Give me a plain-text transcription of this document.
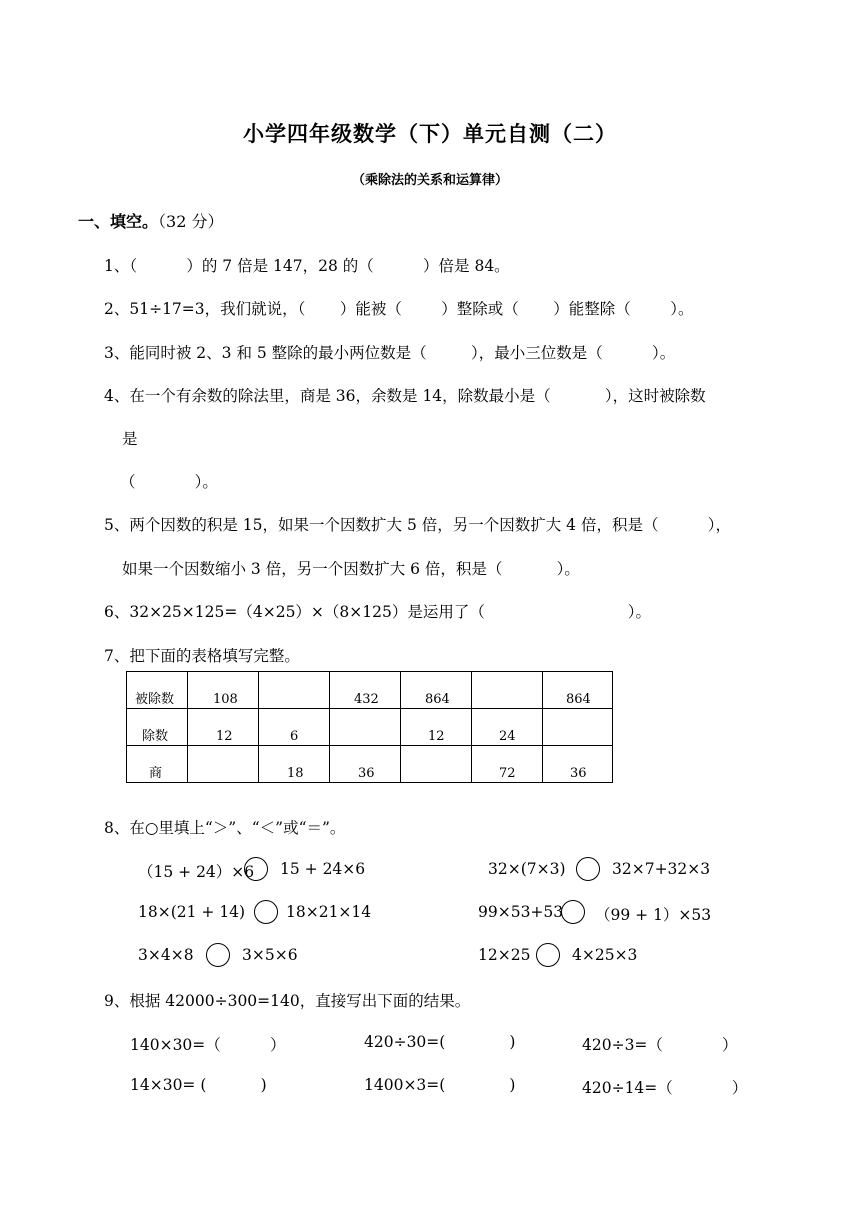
小学四年级数学（下）单元自测（二）
（乘除法的关系和运算律）
一、填空。（32 分）
1、（          ）的 7 倍是 147，28 的（          ）倍是 84。
2、51÷17=3，我们就说，（       ）能被（        ）整除或（       ）能整除（        ）。
3、能同时被 2、3 和 5 整除的最小两位数是（         ），最小三位数是（          ）。
4、在一个有余数的除法里，商是 36，余数是 14，除数最小是（           ），这时被除数
是
（            ）。
5、两个因数的积是 15，如果一个因数扩大 5 倍，另一个因数扩大 4 倍，积是（          ），
如果一个因数缩小 3 倍，另一个因数扩大 6 倍，积是（           ）。
6、32×25×125=（4×25）×（8×125）是运用了（                             ）。
7、把下面的表格填写完整。
被除数	108		432	864		864

除数	12	6		12	24	

商		18	36		72	36
8、在○里填上“＞”、“＜”或“＝”。
（15 + 24）×6 15 + 24×6	32×(7×3)	32×7+32×3
18×(21 + 14)	18×21×14	99×53+53 （99 + 1）×53
3×4×8	3×5×6	12×25	4×25×3
9、根据 42000÷300=140，直接写出下面的结果。
140×30=（          ）	420÷30=(             )	420÷3=（            ）
14×30= (           )	1400×3=(             )	420÷14=（            ）
